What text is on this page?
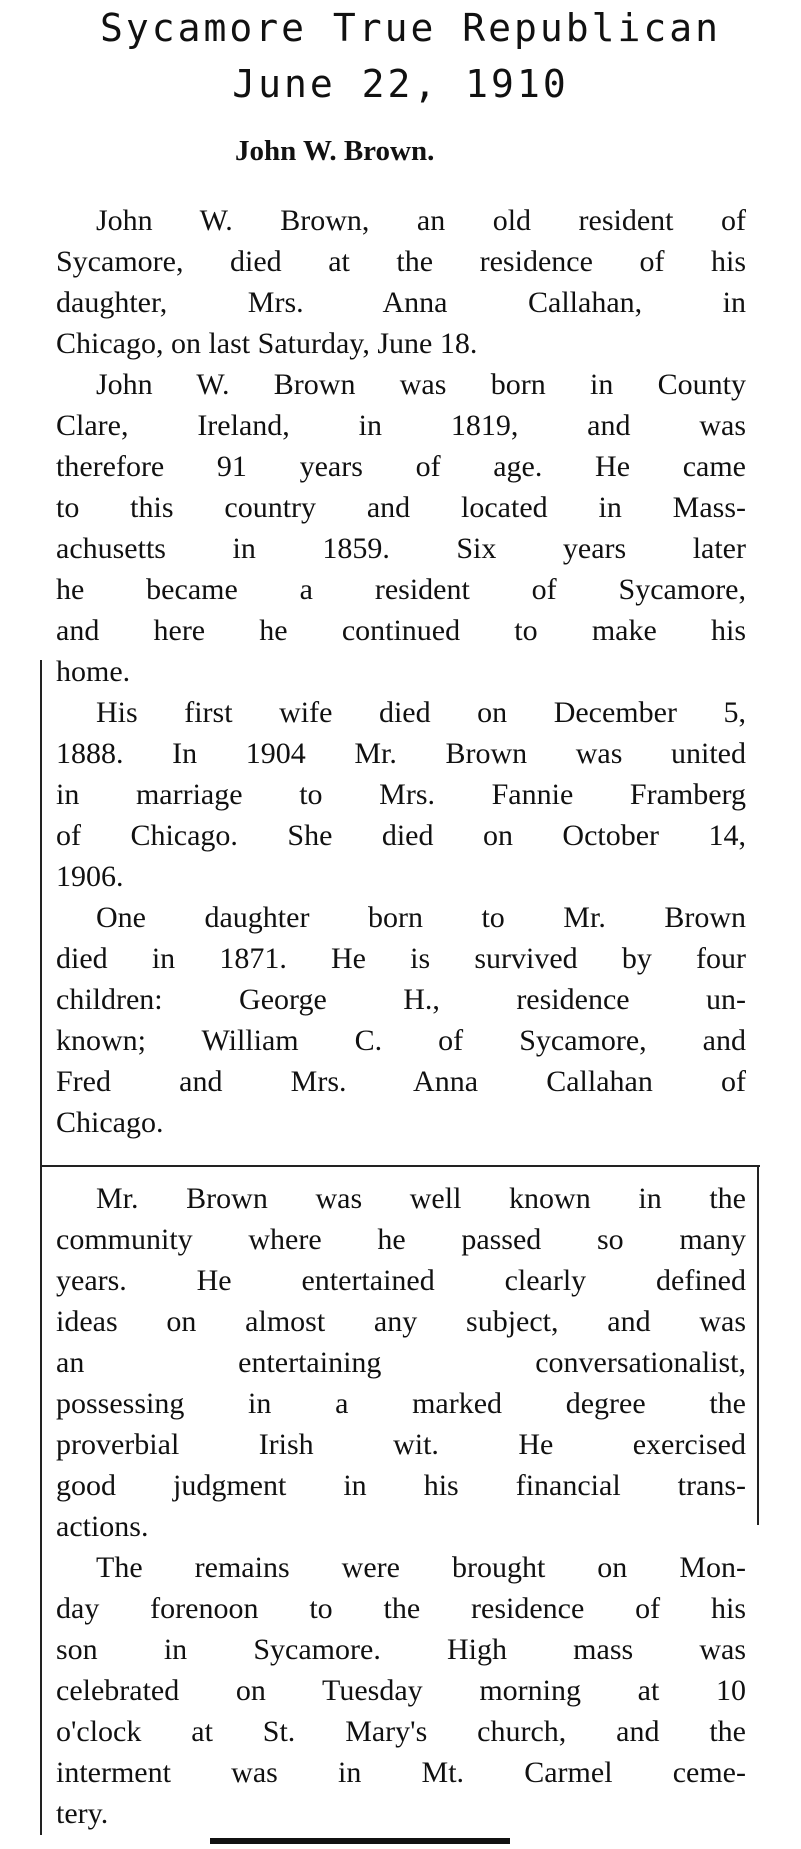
Sycamore True Republican
June 22, 1910
John W. Brown.
John W. Brown, an old resident of
Sycamore, died at the residence of his
daughter, Mrs. Anna Callahan, in
Chicago, on last Saturday, June 18.
John W. Brown was born in County
Clare, Ireland, in 1819, and was
therefore 91 years of age. He came
to this country and located in Mass-
achusetts in 1859. Six years later
he became a resident of Sycamore,
and here he continued to make his
home.
His first wife died on December 5,
1888. In 1904 Mr. Brown was united
in marriage to Mrs. Fannie Framberg
of Chicago. She died on October 14,
1906.
One daughter born to Mr. Brown
died in 1871. He is survived by four
children: George H., residence un-
known; William C. of Sycamore, and
Fred and Mrs. Anna Callahan of
Chicago.
Mr. Brown was well known in the
community where he passed so many
years. He entertained clearly defined
ideas on almost any subject, and was
an entertaining conversationalist,
possessing in a marked degree the
proverbial Irish wit. He exercised
good judgment in his financial trans-
actions.
The remains were brought on Mon-
day forenoon to the residence of his
son in Sycamore. High mass was
celebrated on Tuesday morning at 10
o'clock at St. Mary's church, and the
interment was in Mt. Carmel ceme-
tery.
